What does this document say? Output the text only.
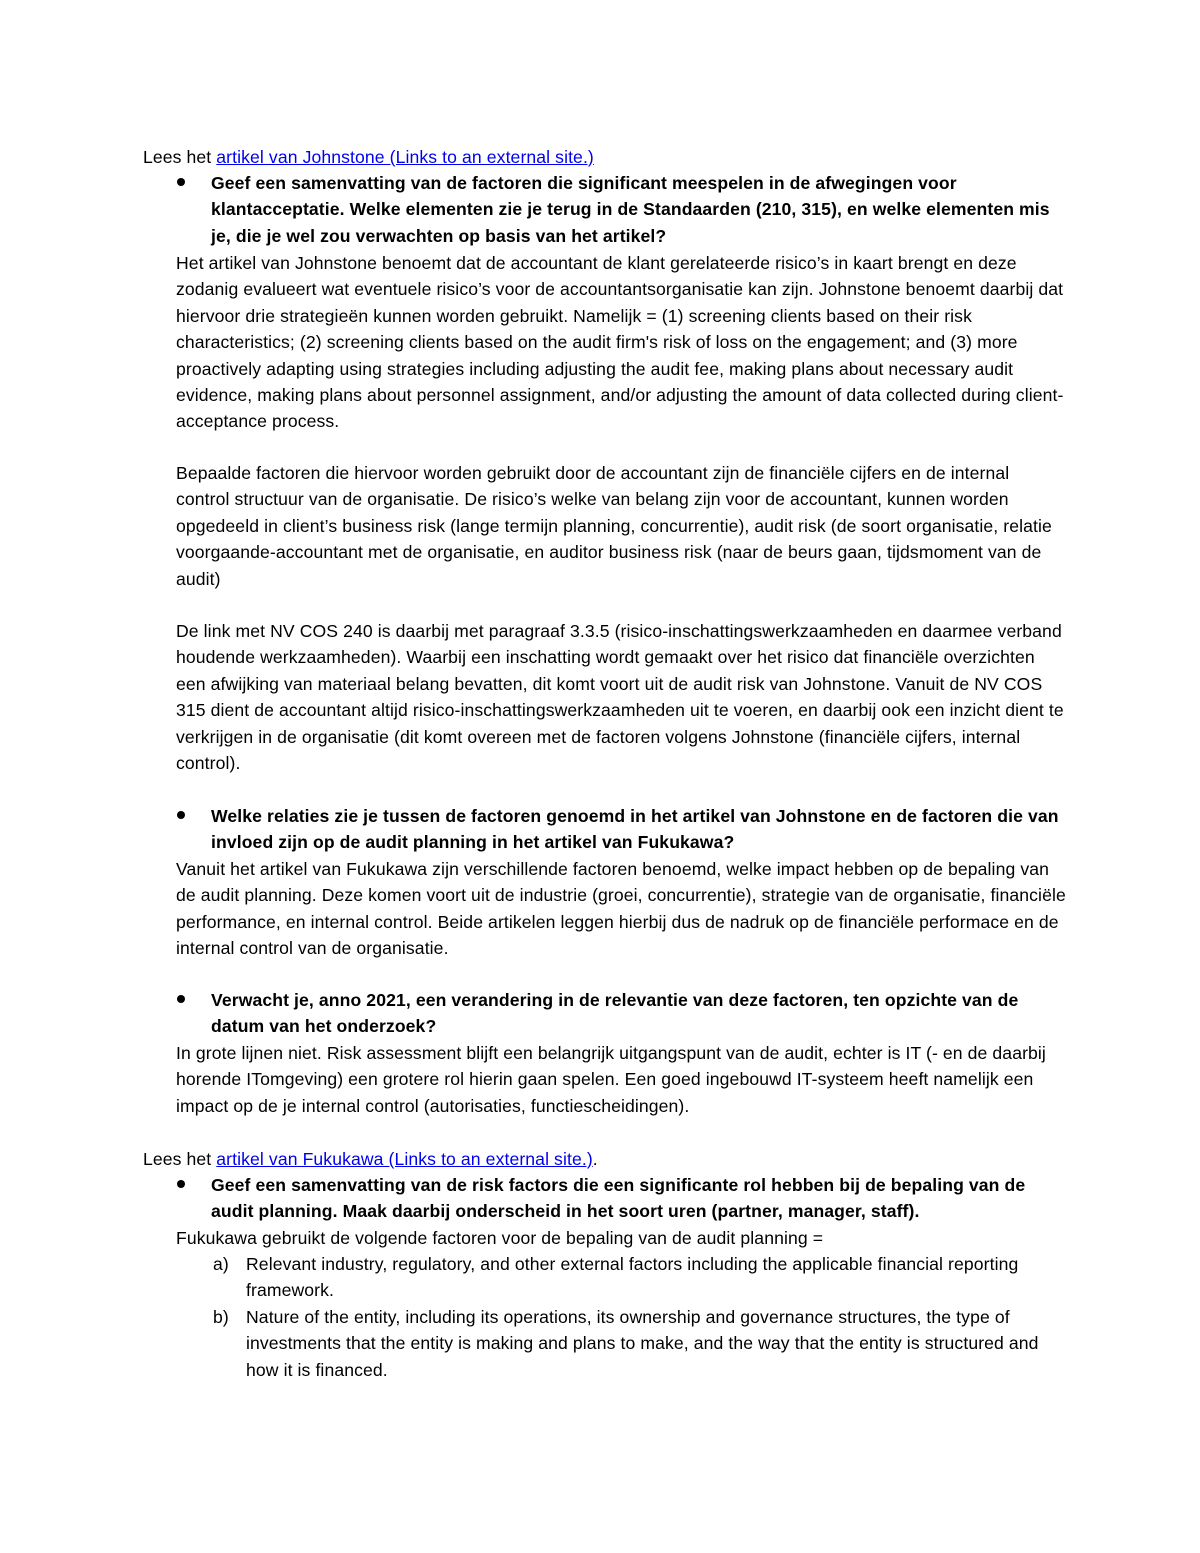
Lees het artikel van Johnstone (Links to an external site.)

Geef een samenvatting van de factoren die significant meespelen in de afwegingen voor klantacceptatie. Welke elementen zie je terug in de Standaarden (210, 315), en welke elementen mis je, die je wel zou verwachten op basis van het artikel?

Het artikel van Johnstone benoemt dat de accountant de klant gerelateerde risico’s in kaart brengt en deze zodanig evalueert wat eventuele risico’s voor de accountantsorganisatie kan zijn. Johnstone benoemt daarbij dat hiervoor drie strategieën kunnen worden gebruikt. Namelijk = (1) screening clients based on their risk characteristics; (2) screening clients based on the audit firm's risk of loss on the engagement; and (3) more proactively adapting using strategies including adjusting the audit fee, making plans about necessary audit evidence, making plans about personnel assignment, and/or adjusting the amount of data collected during client-acceptance process.

Bepaalde factoren die hiervoor worden gebruikt door de accountant zijn de financiële cijfers en de internal control structuur van de organisatie. De risico’s welke van belang zijn voor de accountant, kunnen worden opgedeeld in client’s business risk (lange termijn planning, concurrentie), audit risk (de soort organisatie, relatie voorgaande-accountant met de organisatie, en auditor business risk (naar de beurs gaan, tijdsmoment van de audit)

De link met NV COS 240 is daarbij met paragraaf 3.3.5 (risico-inschattingswerkzaamheden en daarmee verband houdende werkzaamheden). Waarbij een inschatting wordt gemaakt over het risico dat financiële overzichten een afwijking van materiaal belang bevatten, dit komt voort uit de audit risk van Johnstone. Vanuit de NV COS 315 dient de accountant altijd risico-inschattingswerkzaamheden uit te voeren, en daarbij ook een inzicht dient te verkrijgen in de organisatie (dit komt overeen met de factoren volgens Johnstone (financiële cijfers, internal control).

Welke relaties zie je tussen de factoren genoemd in het artikel van Johnstone en de factoren die van invloed zijn op de audit planning in het artikel van Fukukawa?

Vanuit het artikel van Fukukawa zijn verschillende factoren benoemd, welke impact hebben op de bepaling van de audit planning. Deze komen voort uit de industrie (groei, concurrentie), strategie van de organisatie, financiële performance, en internal control. Beide artikelen leggen hierbij dus de nadruk op de financiële performace en de internal control van de organisatie.

Verwacht je, anno 2021, een verandering in de relevantie van deze factoren, ten opzichte van de datum van het onderzoek?

In grote lijnen niet. Risk assessment blijft een belangrijk uitgangspunt van de audit, echter is IT (- en de daarbij horende ITomgeving) een grotere rol hierin gaan spelen. Een goed ingebouwd IT-systeem heeft namelijk een impact op de je internal control (autorisaties, functiescheidingen).

Lees het artikel van Fukukawa (Links to an external site.).

Geef een samenvatting van de risk factors die een significante rol hebben bij de bepaling van de audit planning. Maak daarbij onderscheid in het soort uren (partner, manager, staff).

Fukukawa gebruikt de volgende factoren voor de bepaling van de audit planning =

a) Relevant industry, regulatory, and other external factors including the applicable financial reporting framework.

b) Nature of the entity, including its operations, its ownership and governance structures, the type of investments that the entity is making and plans to make, and the way that the entity is structured and how it is financed.
